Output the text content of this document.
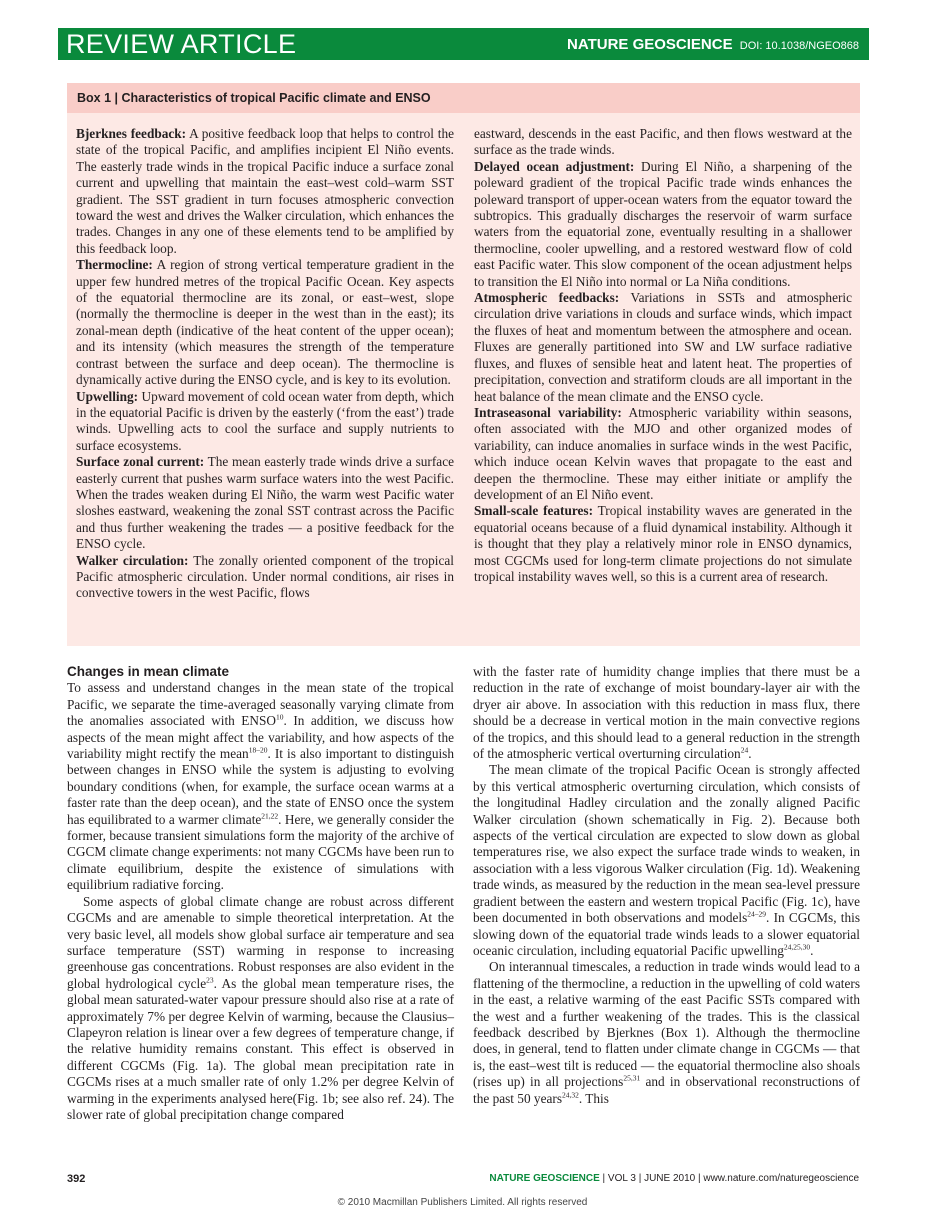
REVIEW ARTICLE	NATURE GEOSCIENCE DOI: 10.1038/NGEO868
Box 1 | Characteristics of tropical Pacific climate and ENSO

Bjerknes feedback: A positive feedback loop that helps to control the state of the tropical Pacific, and amplifies incipient El Niño events. The easterly trade winds in the tropical Pacific induce a surface zonal current and upwelling that maintain the east–west cold–warm SST gradient. The SST gradient in turn focuses atmospheric convection toward the west and drives the Walker circulation, which enhances the trades. Changes in any one of these elements tend to be amplified by this feedback loop.

Thermocline: A region of strong vertical temperature gradient in the upper few hundred metres of the tropical Pacific Ocean. Key aspects of the equatorial thermocline are its zonal, or east–west, slope (normally the thermocline is deeper in the west than in the east); its zonal-mean depth (indicative of the heat content of the upper ocean); and its intensity (which measures the strength of the temperature contrast between the surface and deep ocean). The thermocline is dynamically active during the ENSO cycle, and is key to its evolution.

Upwelling: Upward movement of cold ocean water from depth, which in the equatorial Pacific is driven by the easterly (‘from the east’) trade winds. Upwelling acts to cool the surface and supply nutrients to surface ecosystems.

Surface zonal current: The mean easterly trade winds drive a surface easterly current that pushes warm surface waters into the west Pacific. When the trades weaken during El Niño, the warm west Pacific water sloshes eastward, weakening the zonal SST contrast across the Pacific and thus further weakening the trades — a positive feedback for the ENSO cycle.

Walker circulation: The zonally oriented component of the tropical Pacific atmospheric circulation. Under normal conditions, air rises in convective towers in the west Pacific, flows

eastward, descends in the east Pacific, and then flows westward at the surface as the trade winds.

Delayed ocean adjustment: During El Niño, a sharpening of the poleward gradient of the tropical Pacific trade winds enhances the poleward transport of upper-ocean waters from the equator toward the subtropics. This gradually discharges the reservoir of warm surface waters from the equatorial zone, eventually resulting in a shallower thermocline, cooler upwelling, and a restored westward flow of cold east Pacific water. This slow component of the ocean adjustment helps to transition the El Niño into normal or La Niña conditions.

Atmospheric feedbacks: Variations in SSTs and atmospheric circulation drive variations in clouds and surface winds, which impact the fluxes of heat and momentum between the atmosphere and ocean. Fluxes are generally partitioned into SW and LW surface radiative fluxes, and fluxes of sensible heat and latent heat. The properties of precipitation, convection and stratiform clouds are all important in the heat balance of the mean climate and the ENSO cycle.

Intraseasonal variability: Atmospheric variability within seasons, often associated with the MJO and other organized modes of variability, can induce anomalies in surface winds in the west Pacific, which induce ocean Kelvin waves that propagate to the east and deepen the thermocline. These may either initiate or amplify the development of an El Niño event.

Small-scale features: Tropical instability waves are generated in the equatorial oceans because of a fluid dynamical instability. Although it is thought that they play a relatively minor role in ENSO dynamics, most CGCMs used for long-term climate projections do not simulate tropical instability waves well, so this is a current area of research.

Changes in mean climate

To assess and understand changes in the mean state of the tropical Pacific, we separate the time-averaged seasonally varying climate from the anomalies associated with ENSO$^{10}$. In addition, we discuss how aspects of the mean might affect the variability, and how aspects of the variability might rectify the mean$^{18-20}$. It is also important to distinguish between changes in ENSO while the system is adjusting to evolving boundary conditions (when, for example, the surface ocean warms at a faster rate than the deep ocean), and the state of ENSO once the system has equilibrated to a warmer climate$^{21,22}$. Here, we generally consider the former, because transient simulations form the majority of the archive of CGCM climate change experiments: not many CGCMs have been run to climate equilibrium, despite the existence of simulations with equilibrium radiative forcing.

Some aspects of global climate change are robust across different CGCMs and are amenable to simple theoretical interpretation. At the very basic level, all models show global surface air temperature and sea surface temperature (SST) warming in response to increasing greenhouse gas concentrations. Robust responses are also evident in the global hydrological cycle$^{23}$. As the global mean temperature rises, the global mean saturated-water vapour pressure should also rise at a rate of approximately 7% per degree Kelvin of warming, because the Clausius–Clapeyron relation is linear over a few degrees of temperature change, if the relative humidity remains constant. This effect is observed in different CGCMs (Fig. 1a). The global mean precipitation rate in CGCMs rises at a much smaller rate of only 1.2% per degree Kelvin of warming in the experiments analysed here(Fig. 1b; see also ref. 24). The slower rate of global precipitation change compared

with the faster rate of humidity change implies that there must be a reduction in the rate of exchange of moist boundary-layer air with the dryer air above. In association with this reduction in mass flux, there should be a decrease in vertical motion in the main convective regions of the tropics, and this should lead to a general reduction in the strength of the atmospheric vertical overturning circulation$^{24}$.

The mean climate of the tropical Pacific Ocean is strongly affected by this vertical atmospheric overturning circulation, which consists of the longitudinal Hadley circulation and the zonally aligned Pacific Walker circulation (shown schematically in Fig. 2). Because both aspects of the vertical circulation are expected to slow down as global temperatures rise, we also expect the surface trade winds to weaken, in association with a less vigorous Walker circulation (Fig. 1d). Weakening trade winds, as measured by the reduction in the mean sea-level pressure gradient between the eastern and western tropical Pacific (Fig. 1c), have been documented in both observations and models$^{24-29}$. In CGCMs, this slowing down of the equatorial trade winds leads to a slower equatorial oceanic circulation, including equatorial Pacific upwelling$^{24,25,30}$.

On interannual timescales, a reduction in trade winds would lead to a flattening of the thermocline, a reduction in the upwelling of cold waters in the east, a relative warming of the east Pacific SSTs compared with the west and a further weakening of the trades. This is the classical feedback described by Bjerknes (Box 1). Although the thermocline does, in general, tend to flatten under climate change in CGCMs — that is, the east–west tilt is reduced — the equatorial thermocline also shoals (rises up) in all projections$^{25,31}$ and in observational reconstructions of the past 50 years$^{24,32}$. This

392	NATURE GEOSCIENCE | VOL 3 | JUNE 2010 | www.nature.com/naturegeoscience
© 2010 Macmillan Publishers Limited. All rights reserved
